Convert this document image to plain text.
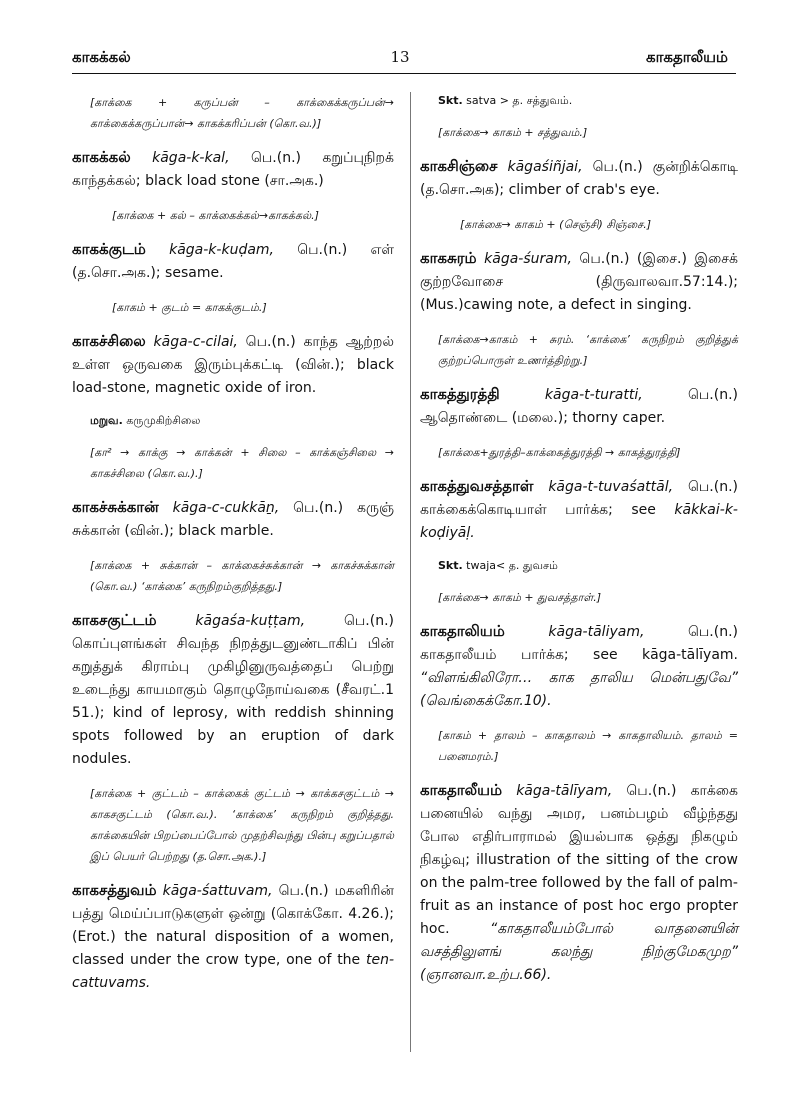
காகக்கல்	13	காகதாலீயம்
[காக்கை + கருப்பன் – காக்கைக்கருப்பன்→ காக்கைக்கருப்பான்→ காகக்கரிப்பன் (கொ.வ.)]
காகக்கல் kāga-k-kal, பெ.(n.) கறுப்புநிறக் காந்தக்கல்; black load stone (சா.அக.)
[காக்கை + கல் – காக்கைக்கல்→காகக்கல்.]
காகக்குடம் kāga-k-kuḍam, பெ.(n.) எள் (த.சொ.அக.); sesame.
[காகம் + குடம் = காகக்குடம்.]
காகச்சிலை kāga-c-cilai, பெ.(n.) காந்த ஆற்றல் உள்ள ஒருவகை இரும்புக்கட்டி (வின்.); black load-stone, magnetic oxide of iron.
மறுவ. கருமுகிற்சிலை
[கா² → காக்கு → காக்கன் + சிலை – காக்கஞ்சிலை → காகச்சிலை (கொ.வ.).]
காகச்சுக்கான் kāga-c-cukkāṉ, பெ.(n.) கருஞ் சுக்கான் (வின்.); black marble.
[காக்கை + சுக்கான் – காக்கைச்சுக்கான் → காகச்சுக்கான் (கொ.வ.) ‘காக்கை’ கருநிறம்குறித்தது.]
காகசகுட்டம்	kāgaśa-kuṭṭam, பெ.(n.) கொப்புளங்கள் சிவந்த நிறத்துடனுண்டாகிப் பின் கறுத்துக் கிராம்பு முகிழினுருவத்தைப் பெற்று உடைந்து காயமாகும் தொழுநோய்வகை (சீவரட்.1 51.); kind of leprosy, with reddish shinning spots followed by an eruption of dark nodules.
[காக்கை + குட்டம் – காக்கைக் குட்டம் → காக்கசகுட்டம் → காகசகுட்டம் (கொ.வ.). ‘காக்கை’ கருநிறம் குறித்தது. காக்கையின் பிறப்பைப்போல் முதற்சிவந்து பின்பு கறுப்பதால் இப் பெயர் பெற்றது (த.சொ.அக.).]
காகசத்துவம் kāga-śattuvam, பெ.(n.) மகளிரின் பத்து மெய்ப்பாடுகளுள் ஒன்று (கொக்கோ. 4.26.); (Erot.) the natural disposition of a women, classed under the crow type, one of the ten-cattuvams.
Skt. satva > த. சத்துவம்.
[காக்கை→ காகம் + சத்துவம்.]
காகசிஞ்சை kāgaśiñjai, பெ.(n.) குன்றிக்கொடி (த.சொ.அக); climber of crab's eye.
[காக்கை→ காகம் + (செஞ்சி) சிஞ்சை.]
காகசுரம் kāga-śuram, பெ.(n.) (இசை.) இசைக் குற்றவோசை (திருவாலவா.57:14.); (Mus.)cawing note, a defect in singing.
[காக்கை→காகம் + சுரம். ‘காக்கை’ கருநிறம் குறித்துக் குற்றப்பொருள் உணர்த்திற்று.]
காகத்துரத்தி	kāga-t-turatti, பெ.(n.) ஆதொண்டை (மலை.); thorny caper.
[காக்கை+துரத்தி–காக்கைத்துரத்தி → காகத்துரத்தி]
காகத்துவசத்தாள் kāga-t-tuvaśattāl, பெ.(n.) காக்கைக்கொடியாள் பார்க்க; see kākkai-k-koḍiyāḷ.
Skt. twaja< த. துவசம்
[காக்கை→ காகம் + துவசத்தாள்.]
காகதாலியம்	kāga-tāliyam, பெ.(n.) காகதாலீயம் பார்க்க; see kāga-tālīyam. “விளங்கிலிரோ… காக தாலிய மென்பதுவே” (வெங்கைக்கோ.10).
[காகம் + தாலம் – காகதாலம் → காகதாலியம். தாலம் = பனைமரம்.]
காகதாலீயம் kāga-tālīyam, பெ.(n.) காக்கை பனையில் வந்து அமர, பனம்பழம் வீழ்ந்தது போல எதிர்பாராமல் இயல்பாக ஒத்து நிகழும் நிகழ்வு; illustration of the sitting of the crow on the palm-tree followed by the fall of palm-fruit as an instance of post hoc ergo propter hoc. “காகதாலீயம்போல் வாதனையின் வசத்திலுளங் கலந்து நிற்குமேகமுற” (ஞானவா.உற்ப.66).
